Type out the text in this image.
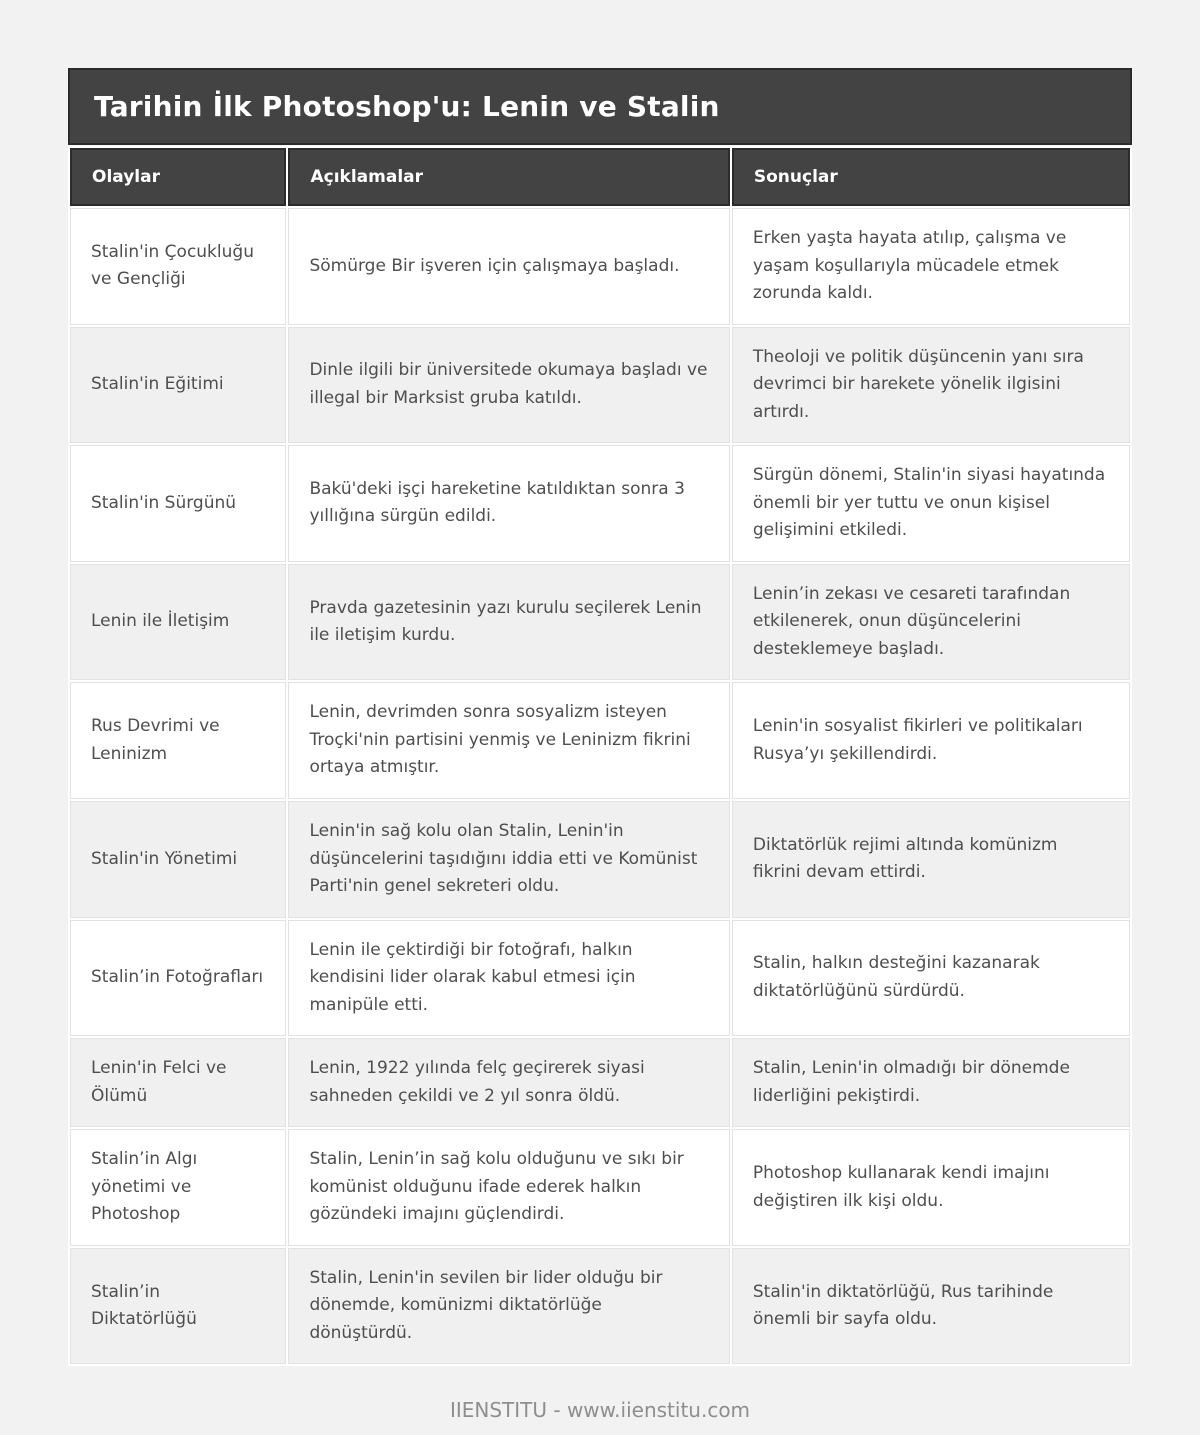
Tarihin İlk Photoshop'u: Lenin ve Stalin
Olaylar	Açıklamalar	Sonuçlar
Stalin'in Çocukluğu ve Gençliği	Sömürge Bir işveren için çalışmaya başladı.	Erken yaşta hayata atılıp, çalışma ve yaşam koşullarıyla mücadele etmek zorunda kaldı.
Stalin'in Eğitimi	Dinle ilgili bir üniversitede okumaya başladı ve illegal bir Marksist gruba katıldı.	Theoloji ve politik düşüncenin yanı sıra devrimci bir harekete yönelik ilgisini artırdı.
Stalin'in Sürgünü	Bakü'deki işçi hareketine katıldıktan sonra 3 yıllığına sürgün edildi.	Sürgün dönemi, Stalin'in siyasi hayatında önemli bir yer tuttu ve onun kişisel gelişimini etkiledi.
Lenin ile İletişim	Pravda gazetesinin yazı kurulu seçilerek Lenin ile iletişim kurdu.	Lenin’in zekası ve cesareti tarafından etkilenerek, onun düşüncelerini desteklemeye başladı.
Rus Devrimi ve Leninizm	Lenin, devrimden sonra sosyalizm isteyen Troçki'nin partisini yenmiş ve Leninizm fikrini ortaya atmıştır.	Lenin'in sosyalist fikirleri ve politikaları Rusya’yı şekillendirdi.
Stalin'in Yönetimi	Lenin'in sağ kolu olan Stalin, Lenin'in düşüncelerini taşıdığını iddia etti ve Komünist Parti'nin genel sekreteri oldu.	Diktatörlük rejimi altında komünizm fikrini devam ettirdi.
Stalin’in Fotoğrafları	Lenin ile çektirdiği bir fotoğrafı, halkın kendisini lider olarak kabul etmesi için manipüle etti.	Stalin, halkın desteğini kazanarak diktatörlüğünü sürdürdü.
Lenin'in Felci ve Ölümü	Lenin, 1922 yılında felç geçirerek siyasi sahneden çekildi ve 2 yıl sonra öldü.	Stalin, Lenin'in olmadığı bir dönemde liderliğini pekiştirdi.
Stalin’in Algı yönetimi ve Photoshop	Stalin, Lenin’in sağ kolu olduğunu ve sıkı bir komünist olduğunu ifade ederek halkın gözündeki imajını güçlendirdi.	Photoshop kullanarak kendi imajını değiştiren ilk kişi oldu.
Stalin’in Diktatörlüğü	Stalin, Lenin'in sevilen bir lider olduğu bir dönemde, komünizmi diktatörlüğe dönüştürdü.	Stalin'in diktatörlüğü, Rus tarihinde önemli bir sayfa oldu.
IIENSTITU - www.iienstitu.com
